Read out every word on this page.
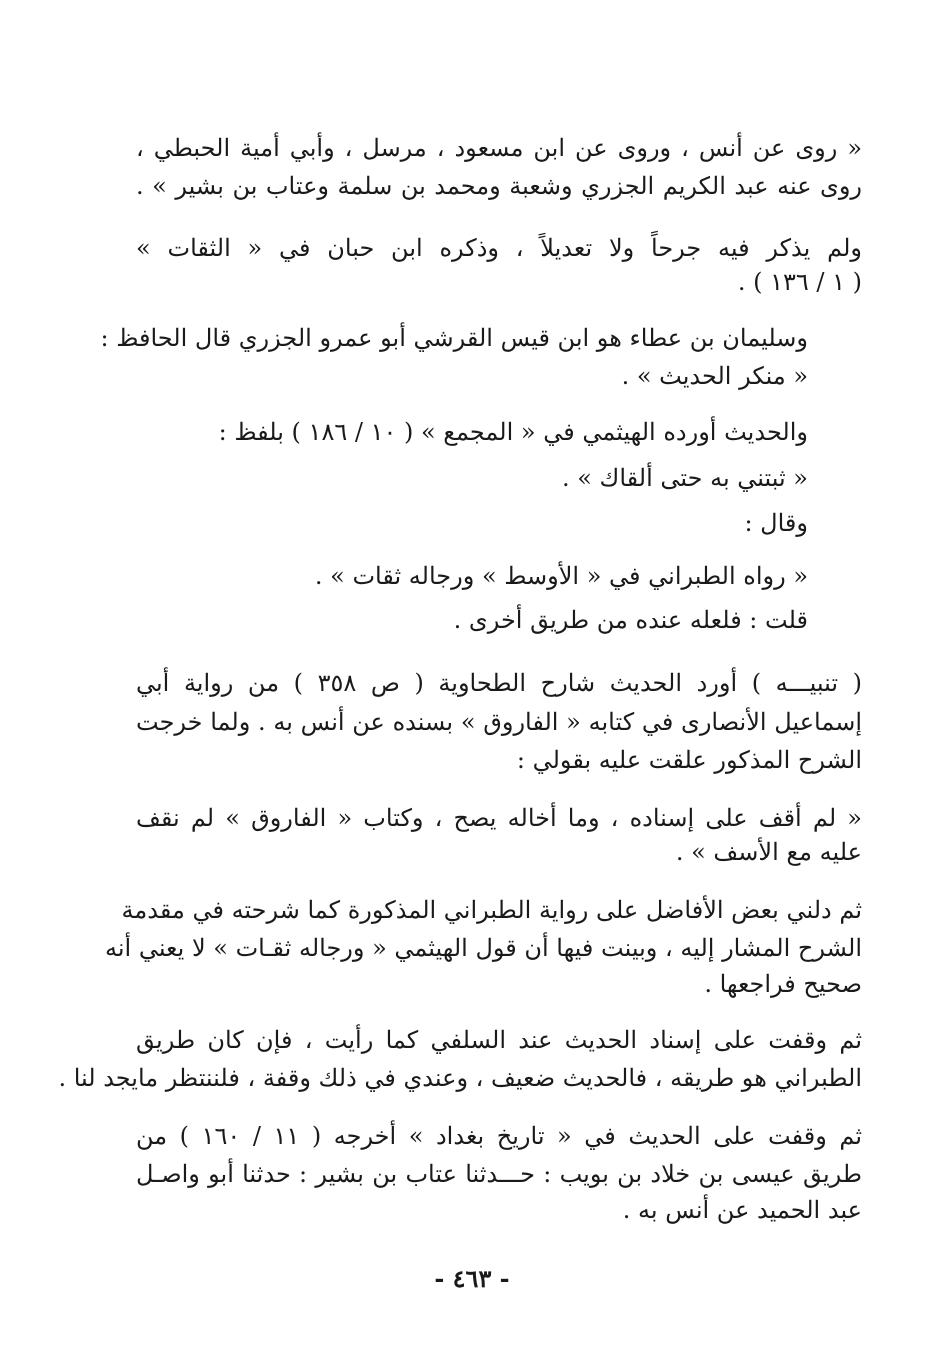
« روى عن أنس ، وروى عن ابن مسعود ، مرسل ، وأبي أمية الحبطي ،
روى عنه عبد الكريم الجزري وشعبة ومحمد بن سلمة وعتاب بن بشير » .
ولم يذكر فيه جرحاً ولا تعديلاً ، وذكره ابن حبان في « الثقات »
( ١ / ١٣٦ ) .
وسليمان بن عطاء هو ابن قيس القرشي أبو عمرو الجزري قال الحافظ :
« منكر الحديث » .
والحديث أورده الهيثمي في « المجمع » ( ١٠ / ١٨٦ ) بلفظ :
« ثبتني به حتى ألقاك » .
وقال :
« رواه الطبراني في « الأوسط » ورجاله ثقات » .
قلت : فلعله عنده من طريق أخرى .
( تنبيـــه ) أورد الحديث شارح الطحاوية ( ص ٣٥٨ ) من رواية أبي
إسماعيل الأنصارى في كتابه « الفاروق » بسنده عن أنس به . ولما خرجت
الشرح المذكور علقت عليه بقولي :
« لم أقف على إسناده ، وما أخاله يصح ، وكتاب « الفاروق » لم نقف
عليه مع الأسف » .
ثم دلني بعض الأفاضل على رواية الطبراني المذكورة كما شرحته في مقدمة
الشرح المشار إليه ، وبينت فيها أن قول الهيثمي « ورجاله ثقـات » لا يعني أنه
صحيح فراجعها .
ثم وقفت على إسناد الحديث عند السلفي كما رأيت ، فإن كان طريق
الطبراني هو طريقه ، فالحديث ضعيف ، وعندي في ذلك وقفة ، فلننتظر مايجد لنا .
ثم وقفت على الحديث في « تاريخ بغداد » أخرجه ( ١١ / ١٦٠ ) من
طريق عيسى بن خلاد بن بويب : حـــدثنا عتاب بن بشير : حدثنا أبو واصـل
عبد الحميد عن أنس به .
- ٤٦٣ -
